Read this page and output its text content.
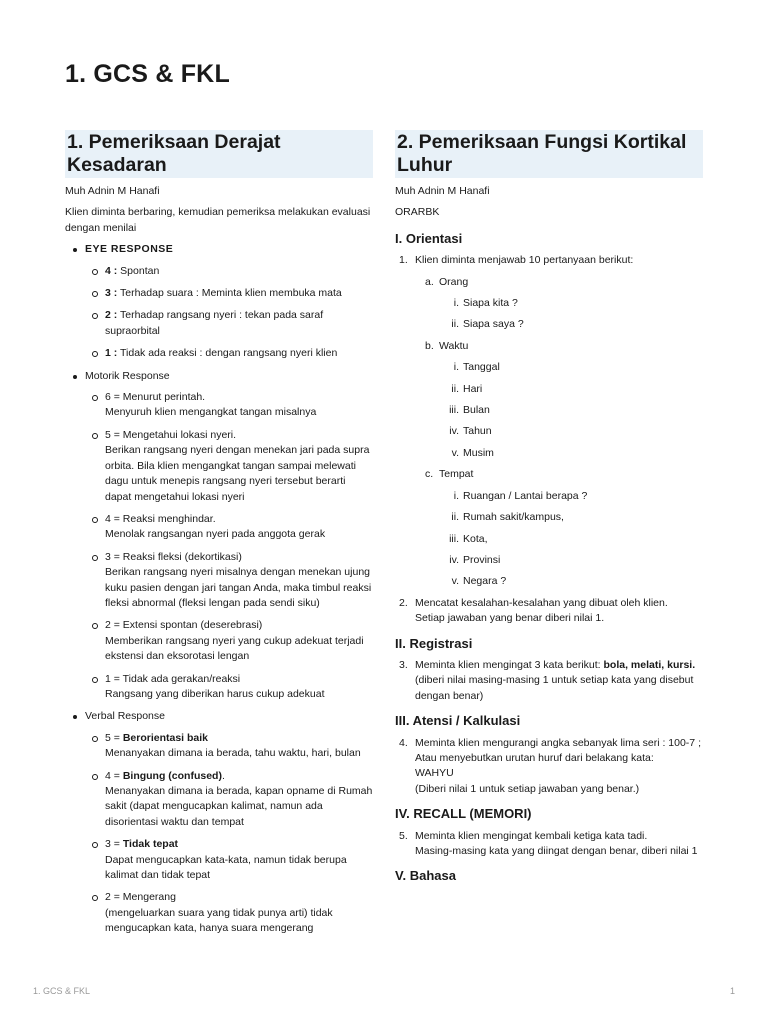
1. GCS & FKL
1. Pemeriksaan Derajat Kesadaran

Muh Adnin M Hanafi

Klien diminta berbaring, kemudian pemeriksa melakukan evaluasi dengan menilai

EYE RESPONSE
4 : Spontan
3 : Terhadap suara : Meminta klien membuka mata
2 : Terhadap rangsang nyeri : tekan pada saraf supraorbital
1 : Tidak ada reaksi : dengan rangsang nyeri klien
Motorik Response
6 = Menurut perintah.
Menyuruh klien mengangkat tangan misalnya
5 = Mengetahui lokasi nyeri.
Berikan rangsang nyeri dengan menekan jari pada supra orbita. Bila klien mengangkat tangan sampai melewati dagu untuk menepis rangsang nyeri tersebut berarti dapat mengetahui lokasi nyeri
4 = Reaksi menghindar.
Menolak rangsangan nyeri pada anggota gerak
3 = Reaksi fleksi (dekortikasi)
Berikan rangsang nyeri misalnya dengan menekan ujung kuku pasien dengan jari tangan Anda, maka timbul reaksi fleksi abnormal (fleksi lengan pada sendi siku)
2 = Extensi spontan (deserebrasi)
Memberikan rangsang nyeri yang cukup adekuat terjadi ekstensi dan eksorotasi lengan
1 = Tidak ada gerakan/reaksi
Rangsang yang diberikan harus cukup adekuat
Verbal Response
5 = Berorientasi baik
Menanyakan dimana ia berada, tahu waktu, hari, bulan
4 = Bingung (confused).
Menanyakan dimana ia berada, kapan opname di Rumah sakit (dapat mengucapkan kalimat, namun ada disorientasi waktu dan tempat
3 = Tidak tepat
Dapat mengucapkan kata-kata, namun tidak berupa kalimat dan tidak tepat
2 = Mengerang
(mengeluarkan suara yang tidak punya arti) tidak mengucapkan kata, hanya suara mengerang
2. Pemeriksaan Fungsi Kortikal Luhur

Muh Adnin M Hanafi

ORARBK

I. Orientasi
1. Klien diminta menjawab 10 pertanyaan berikut:
a. Orang
i. Siapa kita ?
ii. Siapa saya ?
b. Waktu
i. Tanggal
ii. Hari
iii. Bulan
iv. Tahun
v. Musim
c. Tempat
i. Ruangan / Lantai berapa ?
ii. Rumah sakit/kampus,
iii. Kota,
iv. Provinsi
v. Negara ?
2. Mencatat kesalahan-kesalahan yang dibuat oleh klien.
Setiap jawaban yang benar diberi nilai 1.
II. Registrasi
3. Meminta klien mengingat 3 kata berikut: bola, melati, kursi.
(diberi nilai masing-masing 1 untuk setiap kata yang disebut dengan benar)
III. Atensi / Kalkulasi
4. Meminta klien mengurangi angka sebanyak lima seri : 100-7 ;
Atau menyebutkan urutan huruf dari belakang kata:
WAHYU
(Diberi nilai 1 untuk setiap jawaban yang benar.)
IV. RECALL (MEMORI)
5. Meminta klien mengingat kembali ketiga kata tadi.
Masing-masing kata yang diingat dengan benar, diberi nilai 1
V. Bahasa
1. GCS & FKL	1
